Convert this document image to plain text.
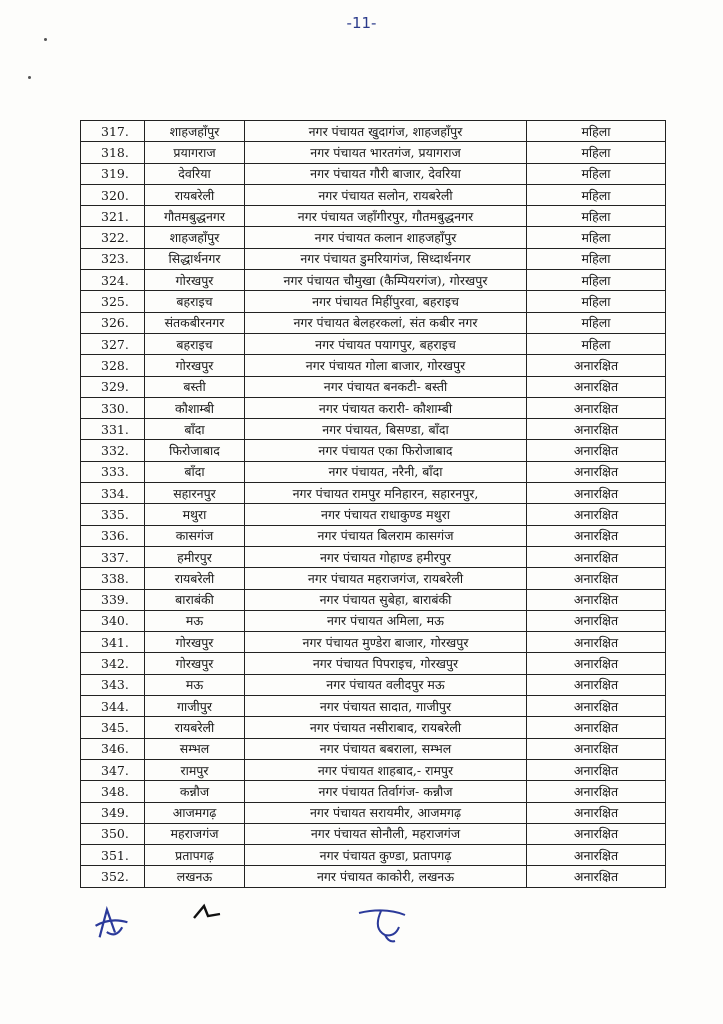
-11-
317.	शाहजहाँपुर	नगर पंचायत खुदागंज, शाहजहाँपुर	महिला
318.	प्रयागराज	नगर पंचायत भारतगंज, प्रयागराज	महिला
319.	देवरिया	नगर पंचायत गौरी बाजार, देवरिया	महिला
320.	रायबरेली	नगर पंचायत सलोन, रायबरेली	महिला
321.	गौतमबुद्धनगर	नगर पंचायत जहाँगीरपुर, गौतमबुद्धनगर	महिला
322.	शाहजहाँपुर	नगर पंचायत कलान शाहजहाँपुर	महिला
323.	सिद्धार्थनगर	नगर पंचायत डुमरियागंज, सिध्दार्थनगर	महिला
324.	गोरखपुर	नगर पंचायत चौमुखा (कैम्पियरगंज), गोरखपुर	महिला
325.	बहराइच	नगर पंचायत मिहींपुरवा, बहराइच	महिला
326.	संतकबीरनगर	नगर पंचायत बेलहरकलां, संत कबीर नगर	महिला
327.	बहराइच	नगर पंचायत पयागपुर, बहराइच	महिला
328.	गोरखपुर	नगर पंचायत गोला बाजार, गोरखपुर	अनारक्षित
329.	बस्ती	नगर पंचायत बनकटी- बस्ती	अनारक्षित
330.	कौशाम्बी	नगर पंचायत करारी- कौशाम्बी	अनारक्षित
331.	बाँदा	नगर पंचायत, बिसण्डा, बाँदा	अनारक्षित
332.	फिरोजाबाद	नगर पंचायत एका फिरोजाबाद	अनारक्षित
333.	बाँदा	नगर पंचायत, नरैनी, बाँदा	अनारक्षित
334.	सहारनपुर	नगर पंचायत रामपुर मनिहारन, सहारनपुर,	अनारक्षित
335.	मथुरा	नगर पंचायत राधाकुण्ड मथुरा	अनारक्षित
336.	कासगंज	नगर पंचायत बिलराम कासगंज	अनारक्षित
337.	हमीरपुर	नगर पंचायत गोहाण्ड हमीरपुर	अनारक्षित
338.	रायबरेली	नगर पंचायत महराजगंज, रायबरेली	अनारक्षित
339.	बाराबंकी	नगर पंचायत सुबेहा, बाराबंकी	अनारक्षित
340.	मऊ	नगर पंचायत अमिला, मऊ	अनारक्षित
341.	गोरखपुर	नगर पंचायत मुण्डेरा बाजार, गोरखपुर	अनारक्षित
342.	गोरखपुर	नगर पंचायत पिपराइच, गोरखपुर	अनारक्षित
343.	मऊ	नगर पंचायत वलीदपुर मऊ	अनारक्षित
344.	गाजीपुर	नगर पंचायत सादात, गाजीपुर	अनारक्षित
345.	रायबरेली	नगर पंचायत नसीराबाद, रायबरेली	अनारक्षित
346.	सम्भल	नगर पंचायत बबराला, सम्भल	अनारक्षित
347.	रामपुर	नगर पंचायत शाहबाद,- रामपुर	अनारक्षित
348.	कन्नौज	नगर पंचायत तिर्वागंज- कन्नौज	अनारक्षित
349.	आजमगढ़	नगर पंचायत सरायमीर, आजमगढ़	अनारक्षित
350.	महराजगंज	नगर पंचायत सोनौली, महराजगंज	अनारक्षित
351.	प्रतापगढ़	नगर पंचायत कुण्डा, प्रतापगढ़	अनारक्षित
352.	लखनऊ	नगर पंचायत काकोरी, लखनऊ	अनारक्षित
